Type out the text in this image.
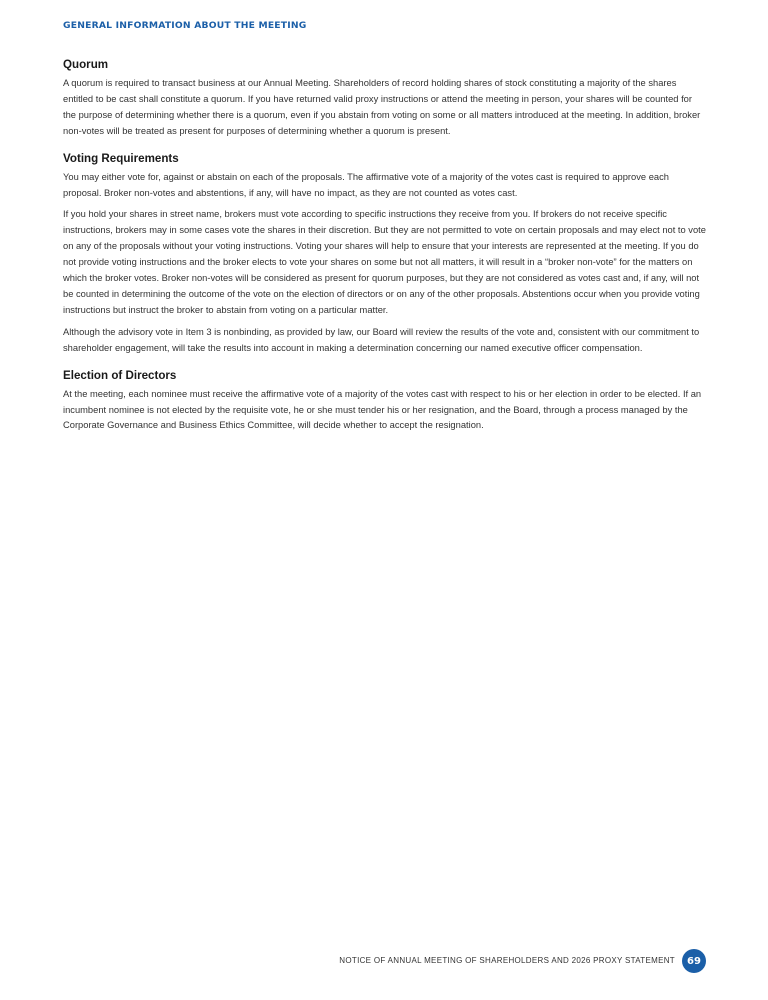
GENERAL INFORMATION ABOUT THE MEETING
Quorum

A quorum is required to transact business at our Annual Meeting. Shareholders of record holding shares of stock constituting a majority of the shares entitled to be cast shall constitute a quorum. If you have returned valid proxy instructions or attend the meeting in person, your shares will be counted for the purpose of determining whether there is a quorum, even if you abstain from voting on some or all matters introduced at the meeting. In addition, broker non-votes will be treated as present for purposes of determining whether a quorum is present.

Voting Requirements

You may either vote for, against or abstain on each of the proposals. The affirmative vote of a majority of the votes cast is required to approve each proposal. Broker non-votes and abstentions, if any, will have no impact, as they are not counted as votes cast.

If you hold your shares in street name, brokers must vote according to specific instructions they receive from you. If brokers do not receive specific instructions, brokers may in some cases vote the shares in their discretion. But they are not permitted to vote on certain proposals and may elect not to vote on any of the proposals without your voting instructions. Voting your shares will help to ensure that your interests are represented at the meeting. If you do not provide voting instructions and the broker elects to vote your shares on some but not all matters, it will result in a “broker non-vote” for the matters on which the broker votes. Broker non-votes will be considered as present for quorum purposes, but they are not considered as votes cast and, if any, will not be counted in determining the outcome of the vote on the election of directors or on any of the other proposals. Abstentions occur when you provide voting instructions but instruct the broker to abstain from voting on a particular matter.

Although the advisory vote in Item 3 is nonbinding, as provided by law, our Board will review the results of the vote and, consistent with our commitment to shareholder engagement, will take the results into account in making a determination concerning our named executive officer compensation.

Election of Directors

At the meeting, each nominee must receive the affirmative vote of a majority of the votes cast with respect to his or her election in order to be elected. If an incumbent nominee is not elected by the requisite vote, he or she must tender his or her resignation, and the Board, through a process managed by the Corporate Governance and Business Ethics Committee, will decide whether to accept the resignation.

NOTICE OF ANNUAL MEETING OF SHAREHOLDERS AND 2026 PROXY STATEMENT	69
